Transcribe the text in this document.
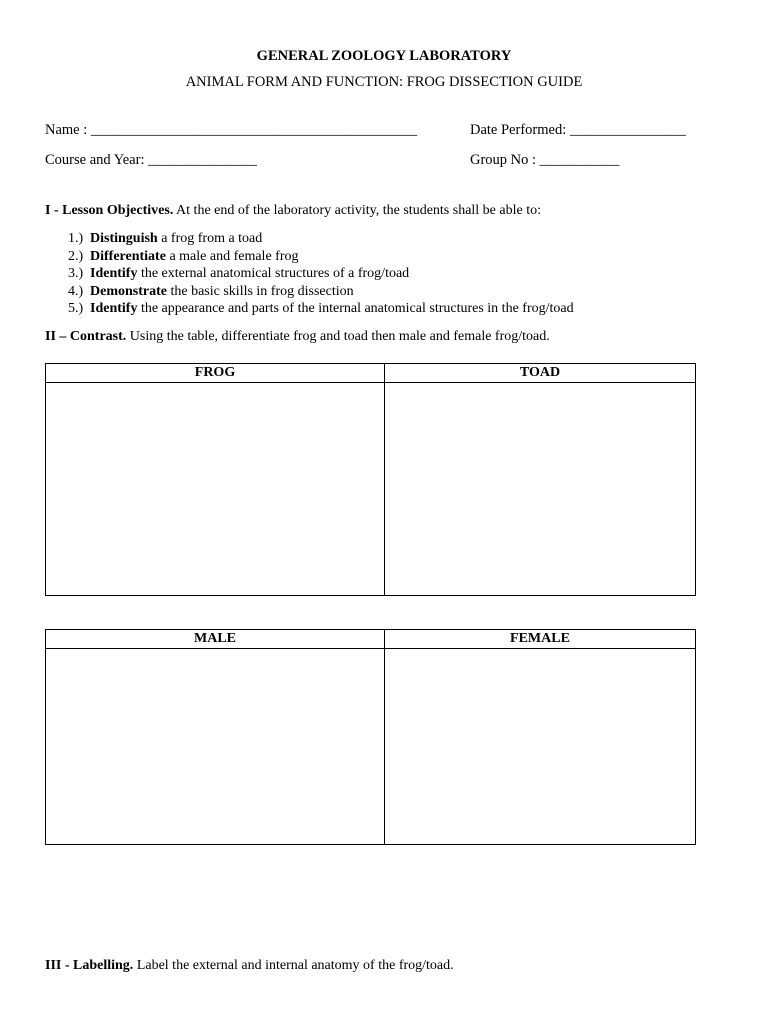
GENERAL ZOOLOGY LABORATORY
ANIMAL FORM AND FUNCTION: FROG DISSECTION GUIDE
Name : _____________________________________________	Date Performed: ________________
Course and Year: _______________	Group No : ___________
I - Lesson Objectives. At the end of the laboratory activity, the students shall be able to:
1.) Distinguish a frog from a toad
2.) Differentiate a male and female frog
3.) Identify the external anatomical structures of a frog/toad
4.) Demonstrate the basic skills in frog dissection
5.) Identify the appearance and parts of the internal anatomical structures in the frog/toad
II – Contrast. Using the table, differentiate frog and toad then male and female frog/toad.
FROG	TOAD

MALE	FEMALE

III - Labelling. Label the external and internal anatomy of the frog/toad.
